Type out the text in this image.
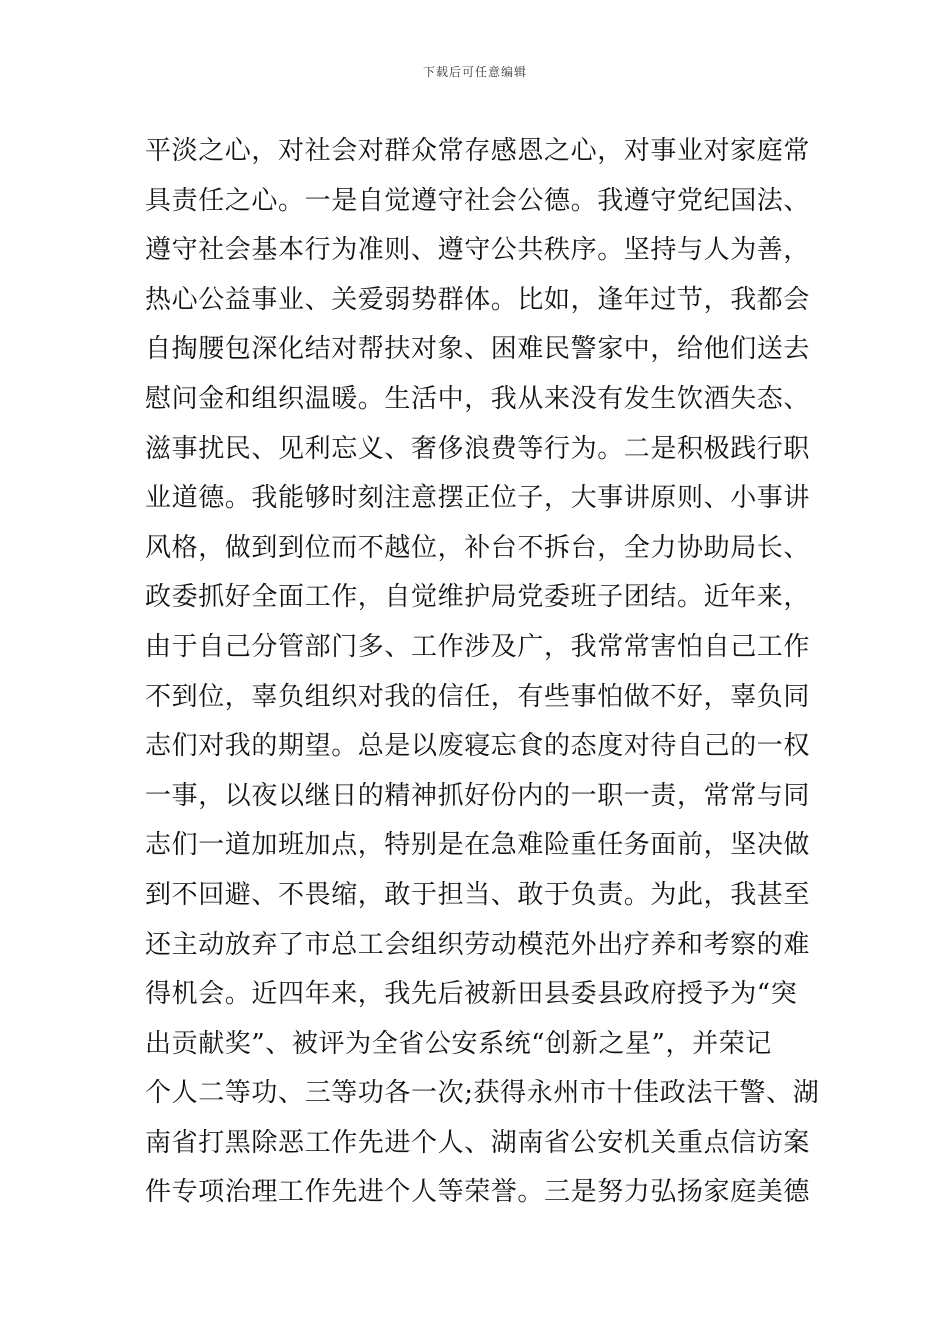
下载后可任意编辑
平淡之心，对社会对群众常存感恩之心，对事业对家庭常
具责任之心。一是自觉遵守社会公德。我遵守党纪国法、
遵守社会基本行为准则、遵守公共秩序。坚持与人为善，
热心公益事业、关爱弱势群体。比如，逢年过节，我都会
自掏腰包深化结对帮扶对象、困难民警家中，给他们送去
慰问金和组织温暖。生活中，我从来没有发生饮酒失态、
滋事扰民、见利忘义、奢侈浪费等行为。二是积极践行职
业道德。我能够时刻注意摆正位子，大事讲原则、小事讲
风格，做到到位而不越位，补台不拆台，全力协助局长、
政委抓好全面工作，自觉维护局党委班子团结。近年来，
由于自己分管部门多、工作涉及广，我常常害怕自己工作
不到位，辜负组织对我的信任，有些事怕做不好，辜负同
志们对我的期望。总是以废寝忘食的态度对待自己的一权
一事，以夜以继日的精神抓好份内的一职一责，常常与同
志们一道加班加点，特别是在急难险重任务面前，坚决做
到不回避、不畏缩，敢于担当、敢于负责。为此，我甚至
还主动放弃了市总工会组织劳动模范外出疗养和考察的难
得机会。近四年来，我先后被新田县委县政府授予为“突
出贡献奖”、被评为全省公安系统“创新之星”，并荣记
个人二等功、三等功各一次;获得永州市十佳政法干警、湖
南省打黑除恶工作先进个人、湖南省公安机关重点信访案
件专项治理工作先进个人等荣誉。三是努力弘扬家庭美德
